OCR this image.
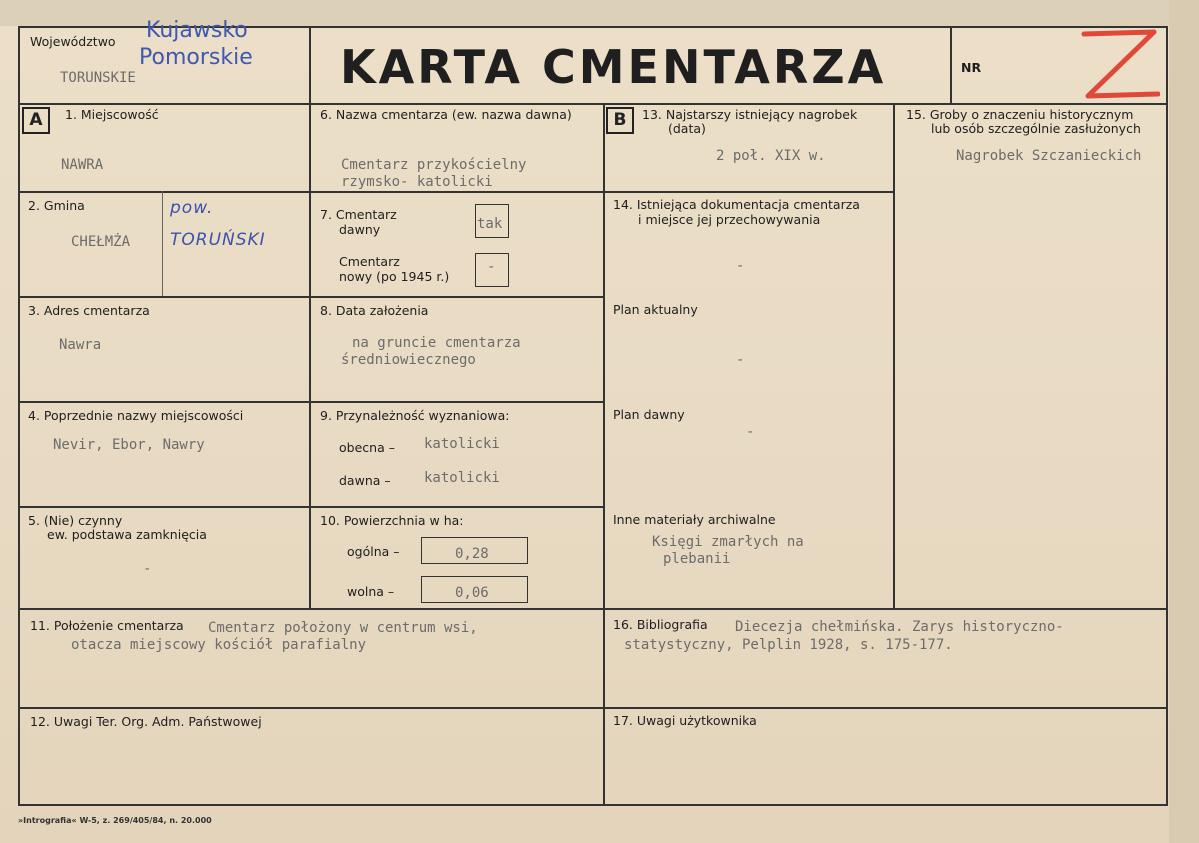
Województwo Kujawsko
Pomorskie
TORUNSKIE	KARTA CMENTARZA	NR
A	B
1. Miejscowość
NAWRA
2. Gmina
CHEŁMŻA
pow.
TORUŃSKI
3. Adres cmentarza
Nawra
4. Poprzednie nazwy miejscowości
Nevir, Ebor, Nawry
5. (Nie) czynny
ew. podstawa zamknięcia
-
6. Nazwa cmentarza (ew. nazwa dawna)
Cmentarz przykościelny
rzymsko- katolicki
7. Cmentarz
dawny	tak
Cmentarz
nowy (po 1945 r.)
-
8. Data założenia
na gruncie cmentarza
średniowiecznego
9. Przynależność wyznaniowa:
obecna – katolicki
dawna – katolicki
10. Powierzchnia w ha:
ogólna –	0,28
wolna –	0,06
11. Położenie cmentarza Cmentarz położony w centrum wsi,
otacza miejscowy kościół parafialny
12. Uwagi Ter. Org. Adm. Państwowej
13. Najstarszy istniejący nagrobek
(data)
2 poł. XIX w.
14. Istniejąca dokumentacja cmentarza
i miejsce jej przechowywania
-
Plan aktualny
-
Plan dawny
-
Inne materiały archiwalne
Księgi zmarłych na
plebanii
15. Groby o znaczeniu historycznym
lub osób szczególnie zasłużonych
Nagrobek Szczanieckich
16. Bibliografia Diecezja chełmińska. Zarys historyczno-
statystyczny, Pelplin 1928, s. 175-177.
17. Uwagi użytkownika
»Intrografia« W-5, z. 269/405/84, n. 20.000
